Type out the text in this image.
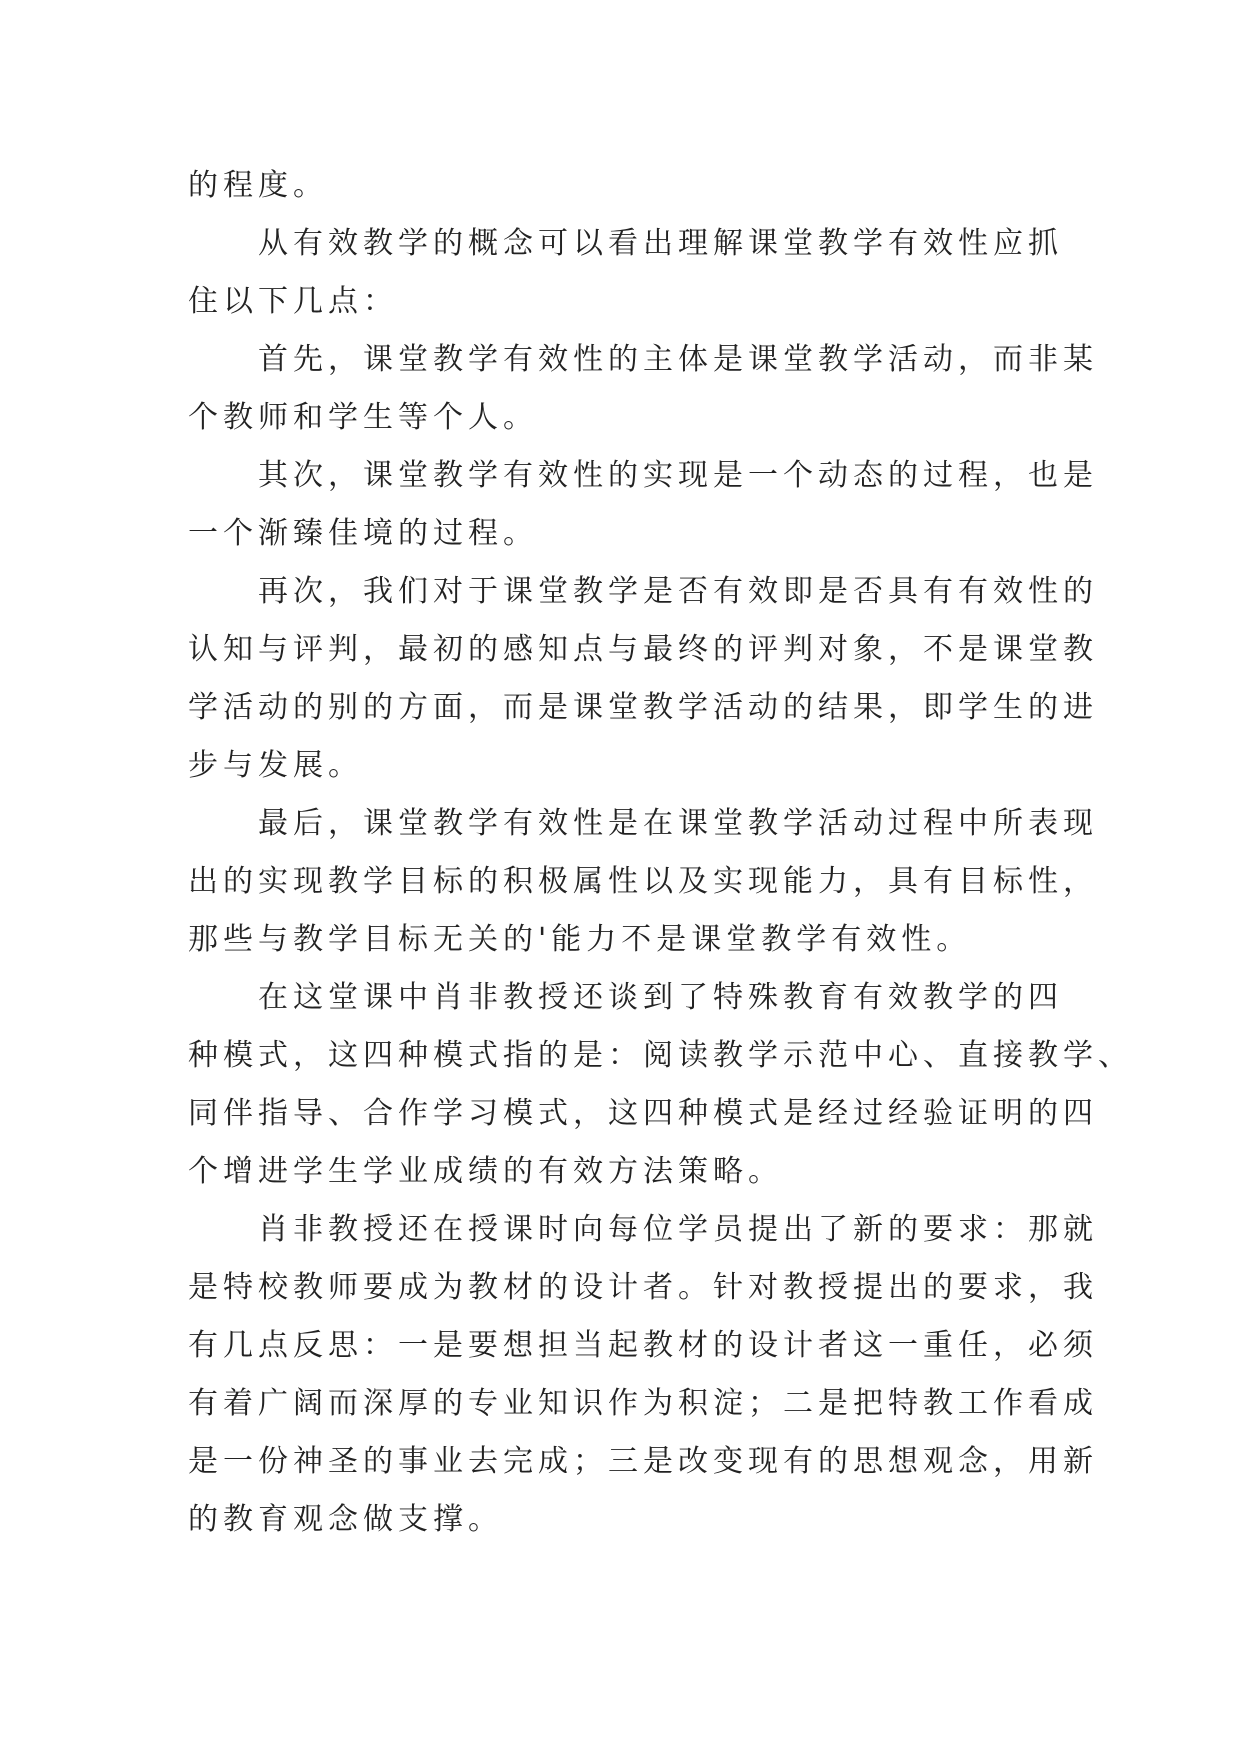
的程度。
从有效教学的概念可以看出理解课堂教学有效性应抓
住以下几点：
首先，课堂教学有效性的主体是课堂教学活动，而非某
个教师和学生等个人。
其次，课堂教学有效性的实现是一个动态的过程，也是
一个渐臻佳境的过程。
再次，我们对于课堂教学是否有效即是否具有有效性的
认知与评判，最初的感知点与最终的评判对象，不是课堂教
学活动的别的方面，而是课堂教学活动的结果，即学生的进
步与发展。
最后，课堂教学有效性是在课堂教学活动过程中所表现
出的实现教学目标的积极属性以及实现能力，具有目标性，
那些与教学目标无关的'能力不是课堂教学有效性。
在这堂课中肖非教授还谈到了特殊教育有效教学的四
种模式，这四种模式指的是：阅读教学示范中心、直接教学、
同伴指导、合作学习模式，这四种模式是经过经验证明的四
个增进学生学业成绩的有效方法策略。
肖非教授还在授课时向每位学员提出了新的要求：那就
是特校教师要成为教材的设计者。针对教授提出的要求，我
有几点反思：一是要想担当起教材的设计者这一重任，必须
有着广阔而深厚的专业知识作为积淀；二是把特教工作看成
是一份神圣的事业去完成；三是改变现有的思想观念，用新
的教育观念做支撑。
